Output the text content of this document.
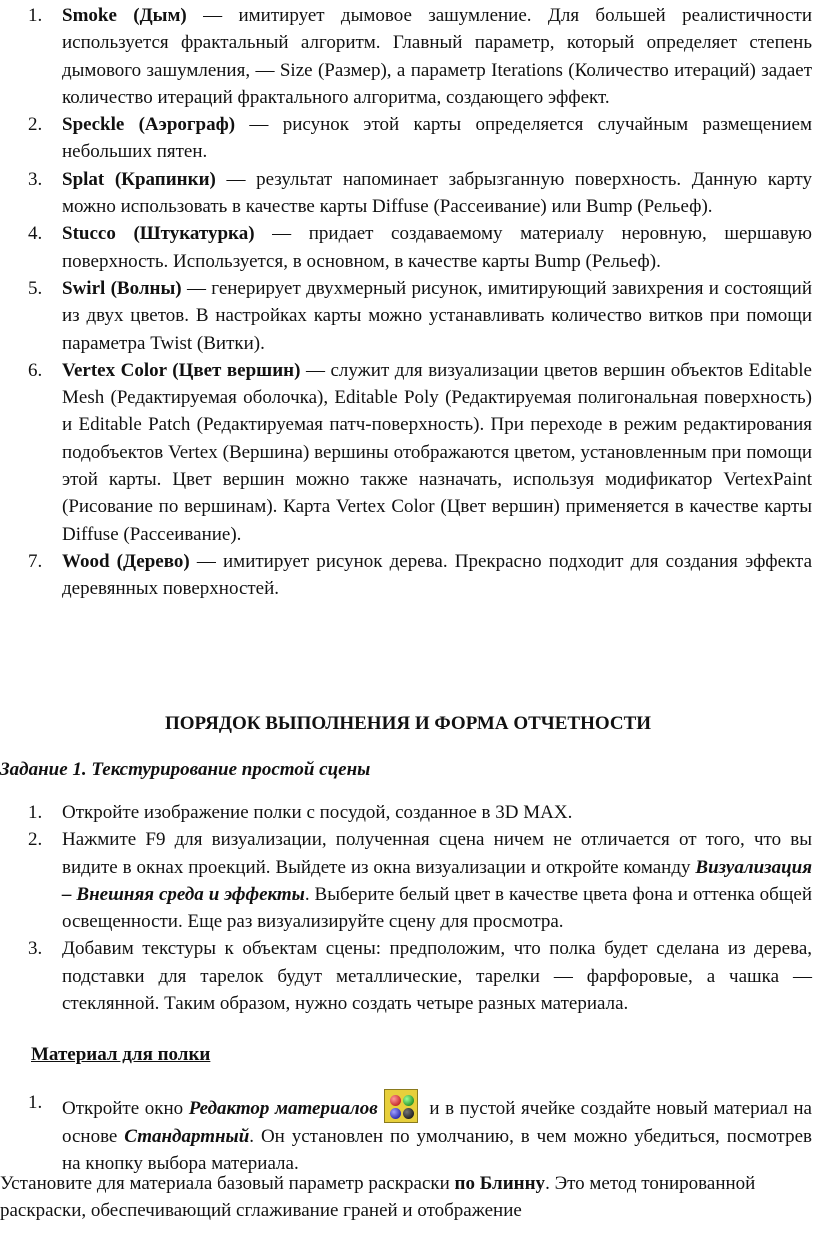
1. Smoke (Дым) — имитирует дымовое зашумление. Для большей реалистичности используется фрактальный алгоритм. Главный параметр, который определяет степень дымового зашумления, — Size (Размер), а параметр Iterations (Количество итераций) задает количество итераций фрактального алгоритма, создающего эффект.
2. Speckle (Аэрограф) — рисунок этой карты определяется случайным размещением небольших пятен.
3. Splat (Крапинки) — результат напоминает забрызганную поверхность. Данную карту можно использовать в качестве карты Diffuse (Рассеивание) или Bump (Рельеф).
4. Stucco (Штукатурка) — придает создаваемому материалу неровную, шершавую поверхность. Используется, в основном, в качестве карты Bump (Рельеф).
5. Swirl (Волны) — генерирует двухмерный рисунок, имитирующий завихрения и состоящий из двух цветов. В настройках карты можно устанавливать количество витков при помощи параметра Twist (Витки).
6. Vertex Color (Цвет вершин) — служит для визуализации цветов вершин объектов Editable Mesh (Редактируемая оболочка), Editable Poly (Редактируемая полигональная поверхность) и Editable Patch (Редактируемая патч-поверхность). При переходе в режим редактирования подобъектов Vertex (Вершина) вершины отображаются цветом, установленным при помощи этой карты. Цвет вершин можно также назначать, используя модификатор VertexPaint (Рисование по вершинам). Карта Vertex Color (Цвет вершин) применяется в качестве карты Diffuse (Рассеивание).
7. Wood (Дерево) — имитирует рисунок дерева. Прекрасно подходит для создания эффекта деревянных поверхностей.
ПОРЯДОК ВЫПОЛНЕНИЯ И ФОРМА ОТЧЕТНОСТИ
Задание 1. Текстурирование простой сцены
1. Откройте изображение полки с посудой, созданное в 3D MAX.
2. Нажмите F9 для визуализации, полученная сцена ничем не отличается от того, что вы видите в окнах проекций. Выйдете из окна визуализации и откройте команду Визуализация – Внешняя среда и эффекты. Выберите белый цвет в качестве цвета фона и оттенка общей освещенности. Еще раз визуализируйте сцену для просмотра.
3. Добавим текстуры к объектам сцены: предположим, что полка будет сделана из дерева, подставки для тарелок будут металлические, тарелки — фарфоровые, а чашка — стеклянной. Таким образом, нужно создать четыре разных материала.
Материал для полки
1. Откройте окно Редактор материалов
и в пустой ячейке создайте новый материал на основе Стандартный. Он установлен по умолчанию, в чем можно убедиться, посмотрев на кнопку выбора материала.
Установите для материала базовый параметр раскраски по Блинну. Это метод тонированной раскраски, обеспечивающий сглаживание граней и отображение
